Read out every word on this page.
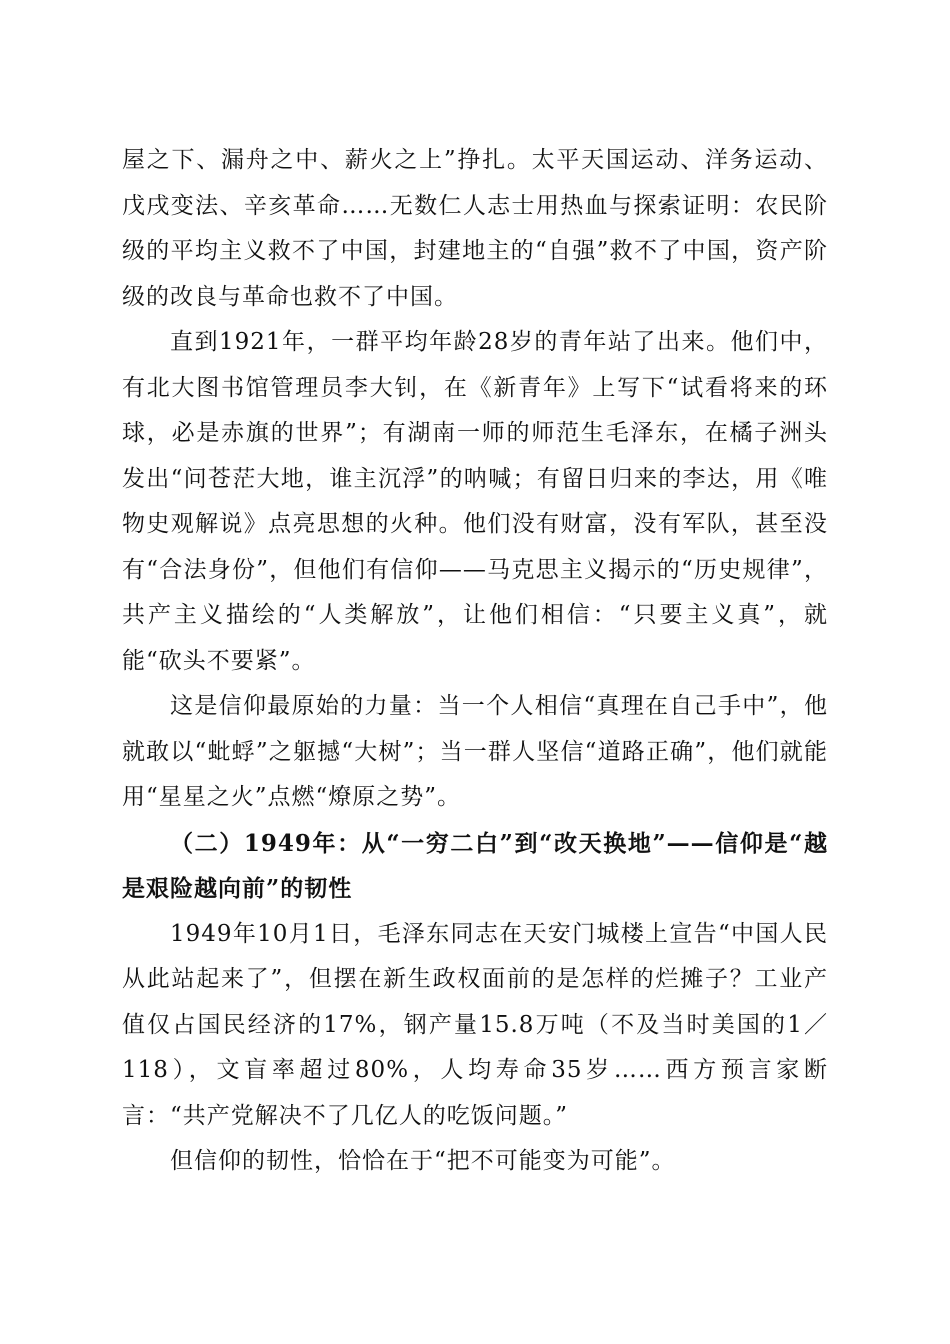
屋之下、漏舟之中、薪火之上”挣扎。太平天国运动、洋务运动、戊戌变法、辛亥革命……无数仁人志士用热血与探索证明：农民阶级的平均主义救不了中国，封建地主的“自强”救不了中国，资产阶级的改良与革命也救不了中国。

直到1921年，一群平均年龄28岁的青年站了出来。他们中，有北大图书馆管理员李大钊，在《新青年》上写下“试看将来的环球，必是赤旗的世界”；有湖南一师的师范生毛泽东，在橘子洲头发出“问苍茫大地，谁主沉浮”的呐喊；有留日归来的李达，用《唯物史观解说》点亮思想的火种。他们没有财富，没有军队，甚至没有“合法身份”，但他们有信仰——马克思主义揭示的“历史规律”，共产主义描绘的“人类解放”，让他们相信：“只要主义真”，就能“砍头不要紧”。

这是信仰最原始的力量：当一个人相信“真理在自己手中”，他就敢以“蚍蜉”之躯撼“大树”；当一群人坚信“道路正确”，他们就能用“星星之火”点燃“燎原之势”。

（二）1949年：从“一穷二白”到“改天换地”——信仰是“越是艰险越向前”的韧性

1949年10月1日，毛泽东同志在天安门城楼上宣告“中国人民从此站起来了”，但摆在新生政权面前的是怎样的烂摊子？工业产值仅占国民经济的17%，钢产量15.8万吨（不及当时美国的1／118），文盲率超过80%，人均寿命35岁……西方预言家断言：“共产党解决不了几亿人的吃饭问题。”

但信仰的韧性，恰恰在于“把不可能变为可能”。
